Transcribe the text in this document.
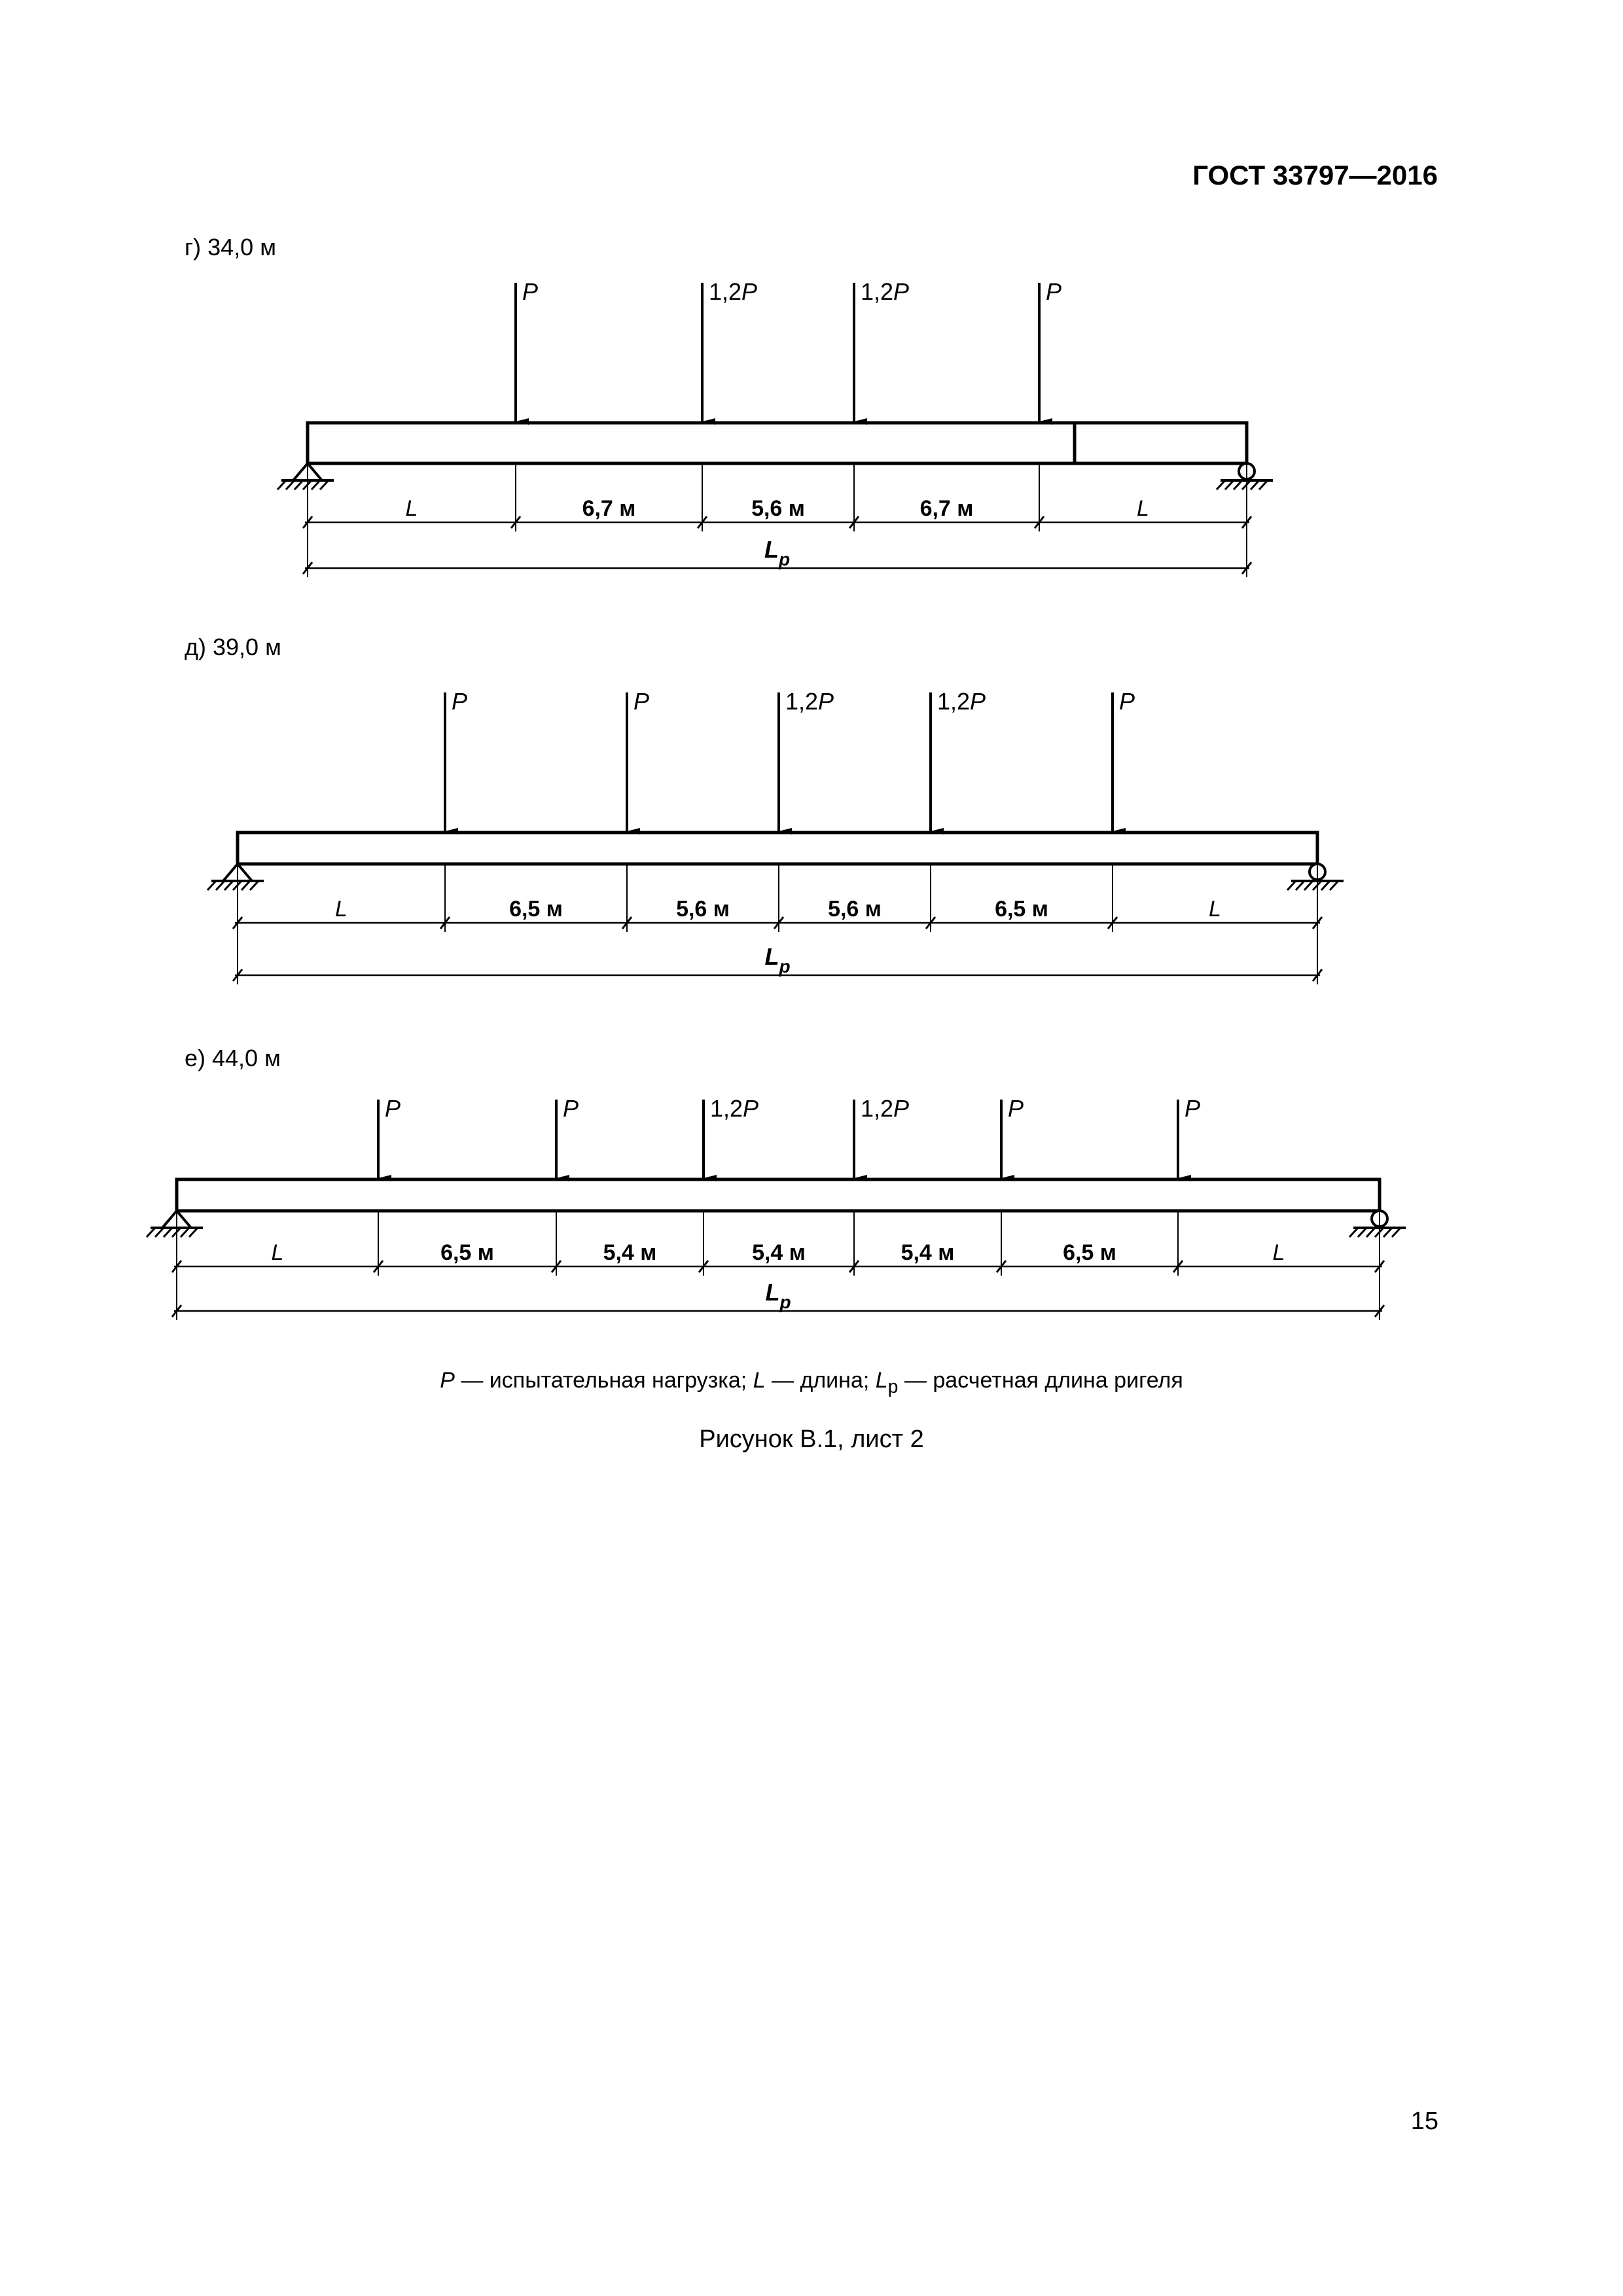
ГОСТ 33797—2016
г) 34,0 м
P	1,2P	1,2P	P
L	6,7 м	5,6 м	6,7 м	L
$L_p$
д) 39,0 м
P	P	1,2P	1,2P	P
L	6,5 м	5,6 м	5,6 м	6,5 м	L
$L_p$
е) 44,0 м
P	P	1,2P	1,2P	P	P
L	6,5 м	5,4 м	5,4 м	5,4 м	6,5 м	L
$L_p$
P — испытательная нагрузка; L — длина; $L_p$ — расчетная длина ригеля
Рисунок В.1, лист 2
15
